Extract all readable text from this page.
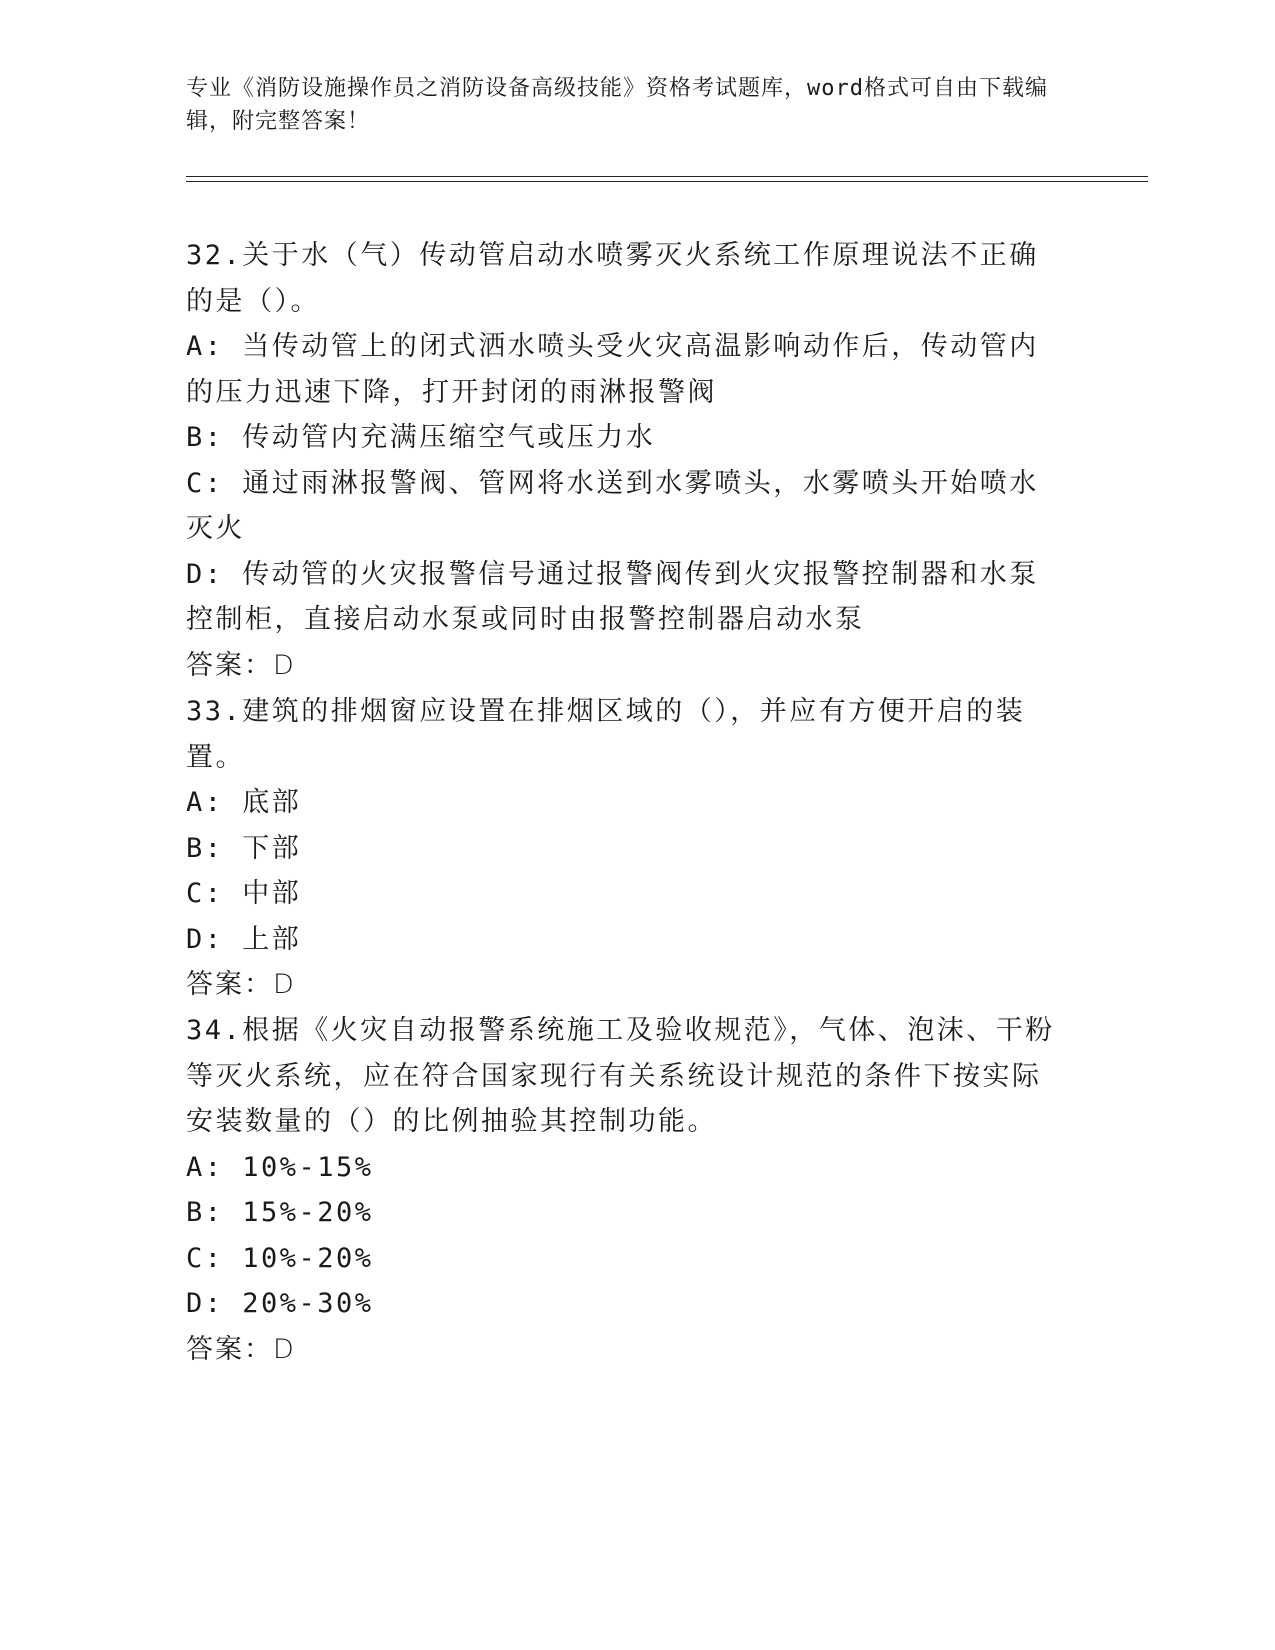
专业《消防设施操作员之消防设备高级技能》资格考试题库，word格式可自由下载编辑，附完整答案！

32.关于水（气）传动管启动水喷雾灭火系统工作原理说法不正确的是（）。

A: 当传动管上的闭式洒水喷头受火灾高温影响动作后，传动管内的压力迅速下降，打开封闭的雨淋报警阀

B: 传动管内充满压缩空气或压力水

C: 通过雨淋报警阀、管网将水送到水雾喷头，水雾喷头开始喷水灭火

D: 传动管的火灾报警信号通过报警阀传到火灾报警控制器和水泵控制柜，直接启动水泵或同时由报警控制器启动水泵

答案：D

33.建筑的排烟窗应设置在排烟区域的（），并应有方便开启的装置。

A: 底部

B: 下部

C: 中部

D: 上部

答案：D

34.根据《火灾自动报警系统施工及验收规范》，气体、泡沫、干粉等灭火系统，应在符合国家现行有关系统设计规范的条件下按实际安装数量的（）的比例抽验其控制功能。

A: 10%-15%

B: 15%-20%

C: 10%-20%

D: 20%-30%

答案：D
